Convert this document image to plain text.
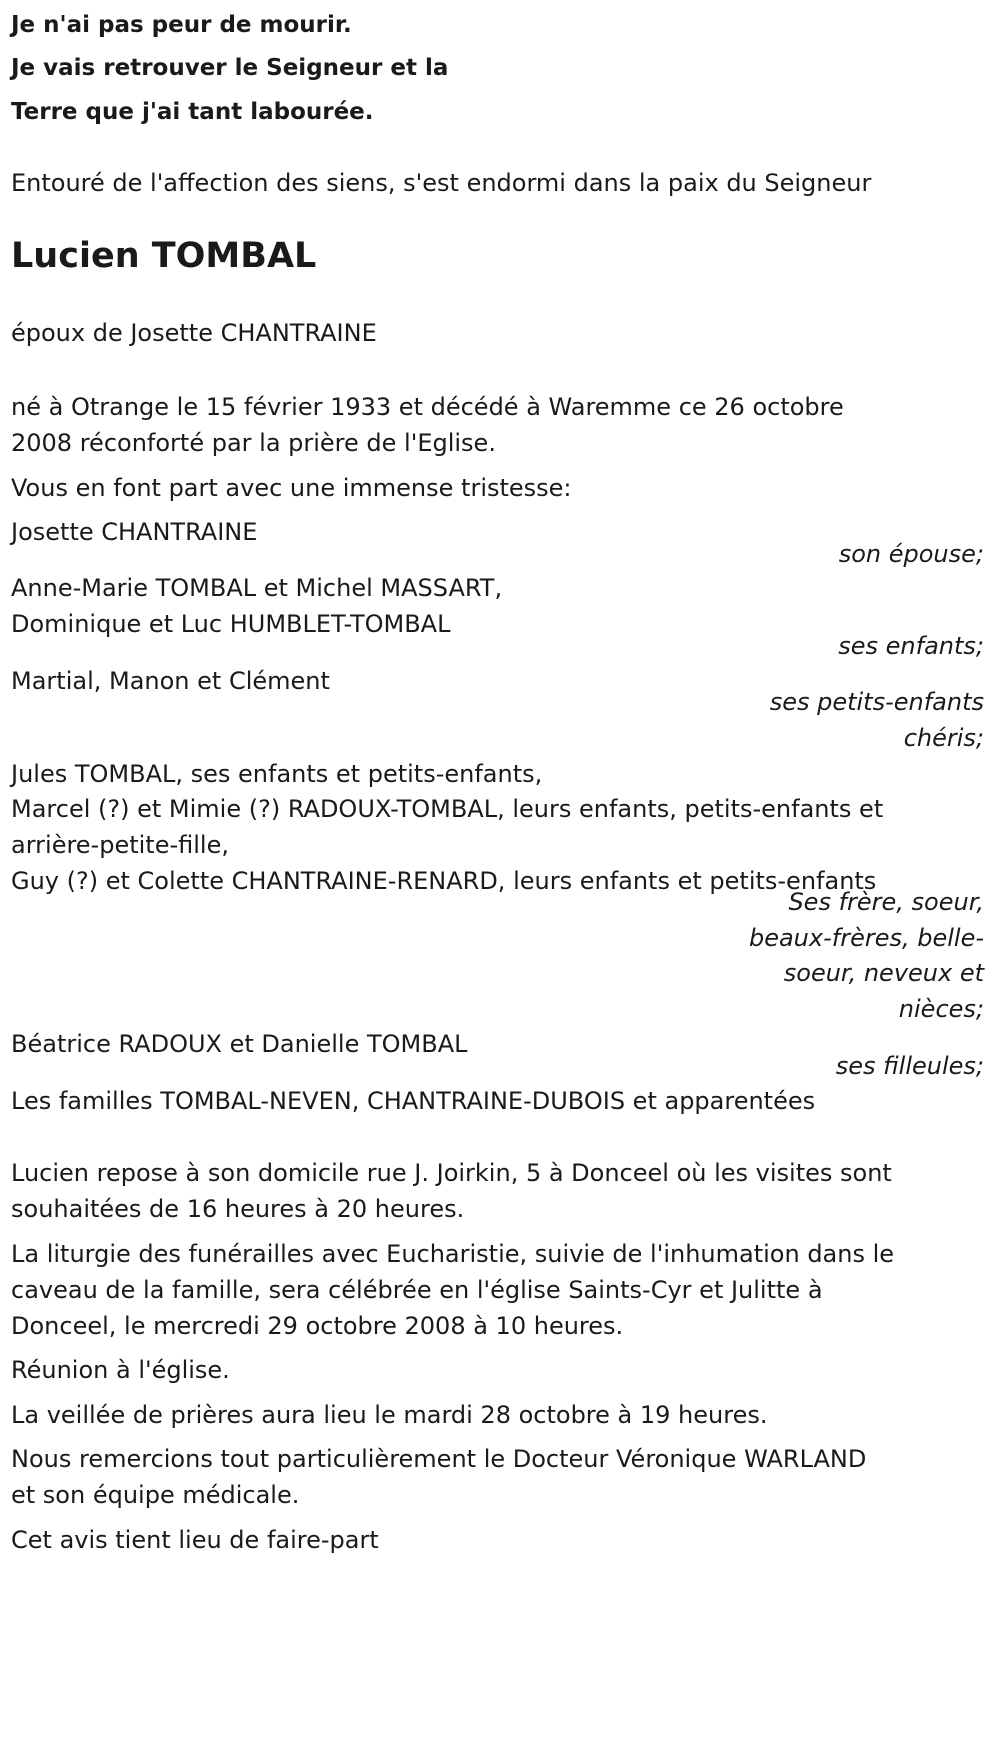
Je n'ai pas peur de mourir.

Je vais retrouver le Seigneur et la

Terre que j'ai tant labourée.

Entouré de l'affection des siens, s'est endormi dans la paix du Seigneur

Lucien TOMBAL

époux de Josette CHANTRAINE

né à Otrange le 15 février 1933 et décédé à Waremme ce 26 octobre

2008 réconforté par la prière de l'Eglise.

Vous en font part avec une immense tristesse:

Josette CHANTRAINE

son épouse;

Anne-Marie TOMBAL et Michel MASSART,

Dominique et Luc HUMBLET-TOMBAL

ses enfants;

Martial, Manon et Clément

ses petits-enfants

chéris;

Jules TOMBAL, ses enfants et petits-enfants,

Marcel (?) et Mimie (?) RADOUX-TOMBAL, leurs enfants, petits-enfants et

arrière-petite-fille,

Guy (?) et Colette CHANTRAINE-RENARD, leurs enfants et petits-enfants

Ses frère, soeur,

beaux-frères, belle-

soeur, neveux et

nièces;

Béatrice RADOUX et Danielle TOMBAL

ses filleules;

Les familles TOMBAL-NEVEN, CHANTRAINE-DUBOIS et apparentées

Lucien repose à son domicile rue J. Joirkin, 5 à Donceel où les visites sont

souhaitées de 16 heures à 20 heures.

La liturgie des funérailles avec Eucharistie, suivie de l'inhumation dans le

caveau de la famille, sera célébrée en l'église Saints-Cyr et Julitte à

Donceel, le mercredi 29 octobre 2008 à 10 heures.

Réunion à l'église.

La veillée de prières aura lieu le mardi 28 octobre à 19 heures.

Nous remercions tout particulièrement le Docteur Véronique WARLAND

et son équipe médicale.

Cet avis tient lieu de faire-part
